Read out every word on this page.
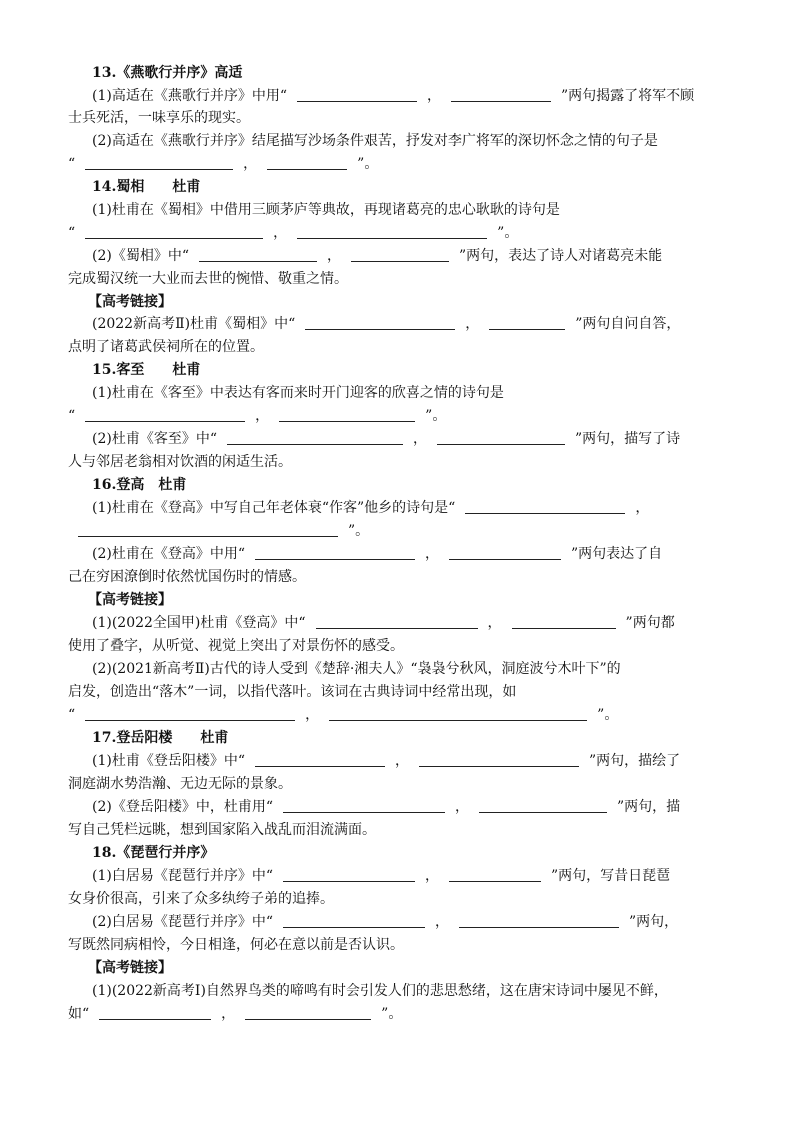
13.《燕歌行并序》高适
(1)高适在《燕歌行并序》中用“	，	”两句揭露了将军不顾
士兵死活，一味享乐的现实。
(2)高适在《燕歌行并序》结尾描写沙场条件艰苦，抒发对李广将军的深切怀念之情的句子是
“	，	”。
14.蜀相　　杜甫
(1)杜甫在《蜀相》中借用三顾茅庐等典故，再现诸葛亮的忠心耿耿的诗句是
“	，	”。
(2)《蜀相》中“	，	”两句，表达了诗人对诸葛亮未能
完成蜀汉统一大业而去世的惋惜、敬重之情。
【高考链接】
(2022新高考Ⅱ)杜甫《蜀相》中“	，	”两句自问自答，
点明了诸葛武侯祠所在的位置。
15.客至　　杜甫
(1)杜甫在《客至》中表达有客而来时开门迎客的欣喜之情的诗句是
“	，	”。
(2)杜甫《客至》中“	，	”两句，描写了诗
人与邻居老翁相对饮酒的闲适生活。
16.登高　杜甫
(1)杜甫在《登高》中写自己年老体衰“作客”他乡的诗句是“	，
”。
(2)杜甫在《登高》中用“	，	”两句表达了自
己在穷困潦倒时依然忧国伤时的情感。
【高考链接】
(1)(2022全国甲)杜甫《登高》中“	，	”两句都
使用了叠字，从听觉、视觉上突出了对景伤怀的感受。
(2)(2021新高考Ⅱ)古代的诗人受到《楚辞·湘夫人》“袅袅兮秋风，洞庭波兮木叶下”的
启发，创造出“落木”一词，以指代落叶。该词在古典诗词中经常出现，如
“	，	”。
17.登岳阳楼　　杜甫
(1)杜甫《登岳阳楼》中“	，	”两句，描绘了
洞庭湖水势浩瀚、无边无际的景象。
(2)《登岳阳楼》中，杜甫用“	，	”两句，描
写自己凭栏远眺，想到国家陷入战乱而泪流满面。
18.《琵琶行并序》
(1)白居易《琵琶行并序》中“	，	”两句，写昔日琵琶
女身价很高，引来了众多纨绔子弟的追捧。
(2)白居易《琵琶行并序》中“	，	”两句，
写既然同病相怜，今日相逢，何必在意以前是否认识。
【高考链接】
(1)(2022新高考Ⅰ)自然界鸟类的啼鸣有时会引发人们的悲思愁绪，这在唐宋诗词中屡见不鲜，
如“	，	”。
